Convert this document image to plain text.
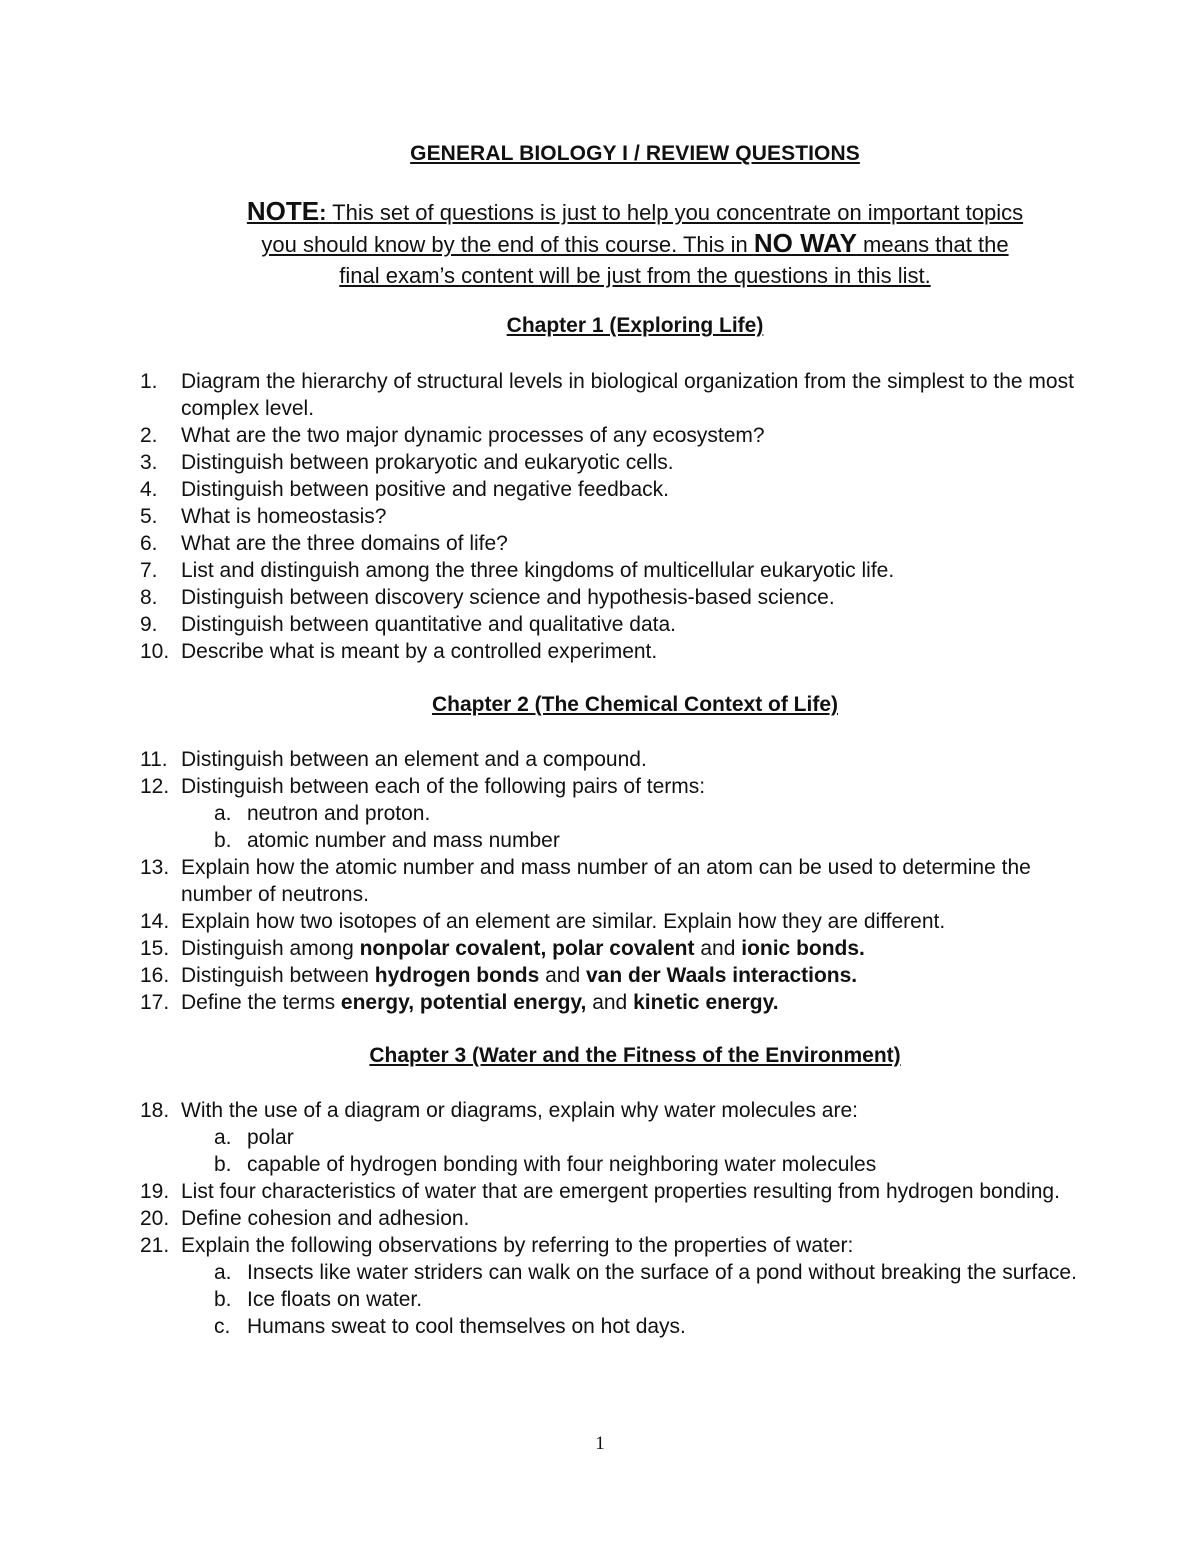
GENERAL BIOLOGY I / REVIEW QUESTIONS
NOTE: This set of questions is just to help you concentrate on important topics
you should know by the end of this course. This in NO WAY means that the
final exam’s content will be just from the questions in this list.
Chapter 1 (Exploring Life)
1. Diagram the hierarchy of structural levels in biological organization from the simplest to the most complex level.
2. What are the two major dynamic processes of any ecosystem?
3. Distinguish between prokaryotic and eukaryotic cells.
4. Distinguish between positive and negative feedback.
5. What is homeostasis?
6. What are the three domains of life?
7. List and distinguish among the three kingdoms of multicellular eukaryotic life.
8. Distinguish between discovery science and hypothesis-based science.
9. Distinguish between quantitative and qualitative data.
10. Describe what is meant by a controlled experiment.
Chapter 2 (The Chemical Context of Life)
11. Distinguish between an element and a compound.
12. Distinguish between each of the following pairs of terms:
a. neutron and proton.
b. atomic number and mass number
13. Explain how the atomic number and mass number of an atom can be used to determine the number of neutrons.
14. Explain how two isotopes of an element are similar. Explain how they are different.
15. Distinguish among nonpolar covalent, polar covalent and ionic bonds.
16. Distinguish between hydrogen bonds and van der Waals interactions.
17. Define the terms energy, potential energy, and kinetic energy.
Chapter 3 (Water and the Fitness of the Environment)
18. With the use of a diagram or diagrams, explain why water molecules are:
a. polar
b. capable of hydrogen bonding with four neighboring water molecules
19. List four characteristics of water that are emergent properties resulting from hydrogen bonding.
20. Define cohesion and adhesion.
21. Explain the following observations by referring to the properties of water:
a. Insects like water striders can walk on the surface of a pond without breaking the surface.
b. Ice floats on water.
c. Humans sweat to cool themselves on hot days.
1
